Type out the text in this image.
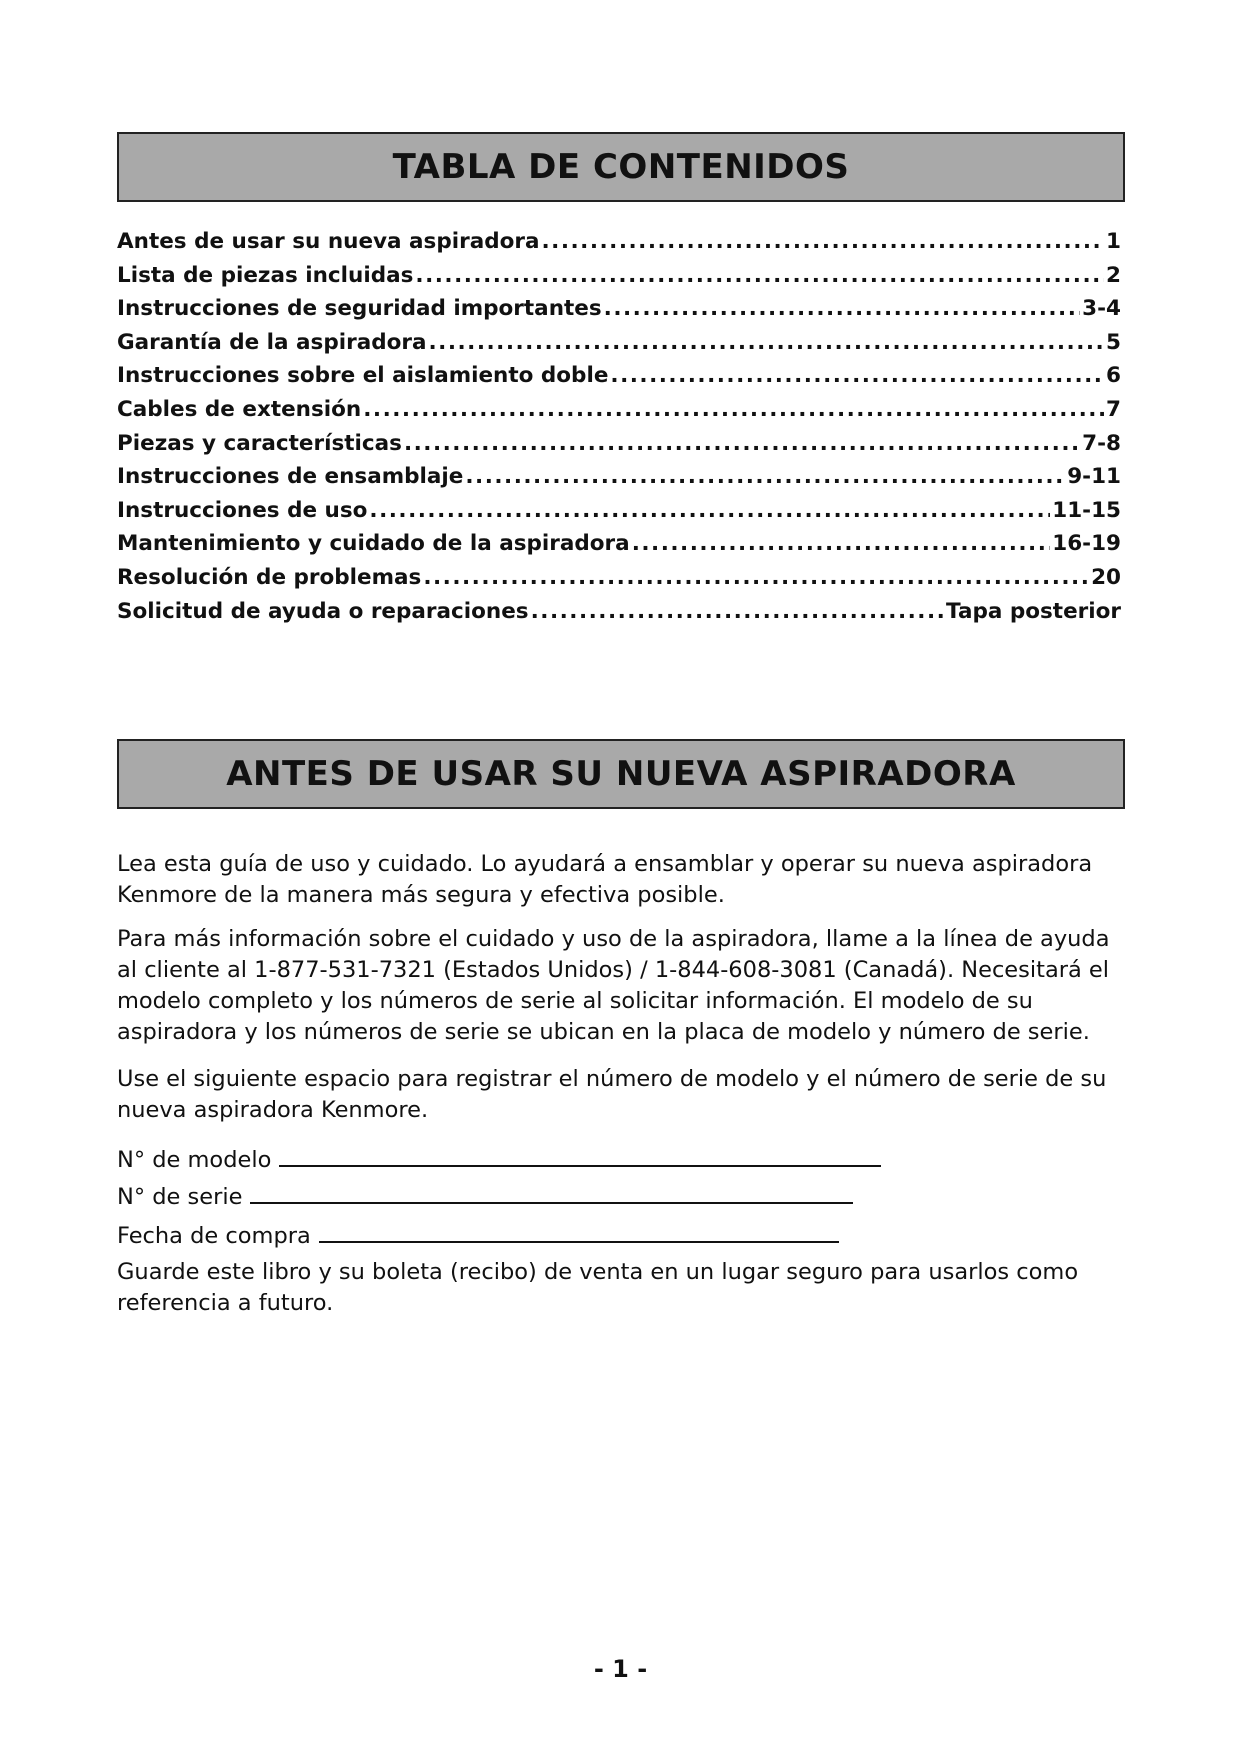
TABLA DE CONTENIDOS
Antes de usar su nueva aspiradora .....	1
Lista de piezas incluidas .....	2
Instrucciones de seguridad importantes .....	3-4
Garantía de la aspiradora .....	5
Instrucciones sobre el aislamiento doble .....	6
Cables de extensión .....	7
Piezas y características .....	7-8
Instrucciones de ensamblaje .....	9-11
Instrucciones de uso .....	11-15
Mantenimiento y cuidado de la aspiradora .....	16-19
Resolución de problemas .....	20
Solicitud de ayuda o reparaciones .....	Tapa posterior
ANTES DE USAR SU NUEVA ASPIRADORA

Lea esta guía de uso y cuidado. Lo ayudará a ensamblar y operar su nueva aspiradora Kenmore de la manera más segura y efectiva posible.

Para más información sobre el cuidado y uso de la aspiradora, llame a la línea de ayuda al cliente al 1-877-531-7321 (Estados Unidos) / 1-844-608-3081 (Canadá). Necesitará el modelo completo y los números de serie al solicitar información. El modelo de su aspiradora y los números de serie se ubican en la placa de modelo y número de serie.

Use el siguiente espacio para registrar el número de modelo y el número de serie de su nueva aspiradora Kenmore.

N° de modelo
N° de serie
Fecha de compra

Guarde este libro y su boleta (recibo) de venta en un lugar seguro para usarlos como referencia a futuro.

- 1 -
